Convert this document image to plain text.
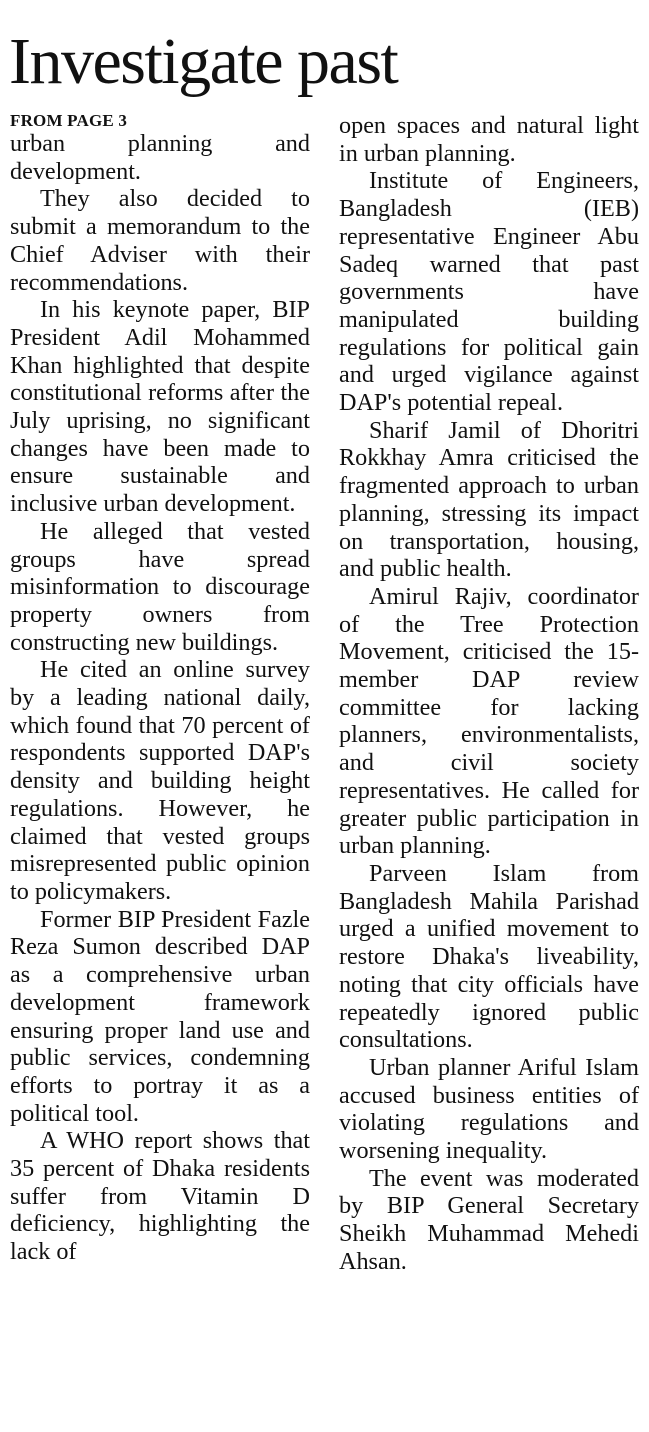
Investigate past
FROM PAGE 3

urban planning and development.

They also decided to submit a memorandum to the Chief Adviser with their recommendations.

In his keynote paper, BIP President Adil Mohammed Khan highlighted that despite constitutional reforms after the July uprising, no significant changes have been made to ensure sustainable and inclusive urban development.

He alleged that vested groups have spread misinformation to discourage property owners from constructing new buildings.

He cited an online survey by a leading national daily, which found that 70 percent of respondents supported DAP's density and building height regulations. However, he claimed that vested groups misrepresented public opinion to policymakers.

Former BIP President Fazle Reza Sumon described DAP as a comprehensive urban development framework ensuring proper land use and public services, condemning efforts to portray it as a political tool.

A WHO report shows that 35 percent of Dhaka residents suffer from Vitamin D deficiency, highlighting the lack of

open spaces and natural light in urban planning.

Institute of Engineers, Bangladesh (IEB) representative Engineer Abu Sadeq warned that past governments have manipulated building regulations for political gain and urged vigilance against DAP's potential repeal.

Sharif Jamil of Dhoritri Rokkhay Amra criticised the fragmented approach to urban planning, stressing its impact on transportation, housing, and public health.

Amirul Rajiv, coordinator of the Tree Protection Movement, criticised the 15-member DAP review committee for lacking planners, environmentalists, and civil society representatives. He called for greater public participation in urban planning.

Parveen Islam from Bangladesh Mahila Parishad urged a unified movement to restore Dhaka's liveability, noting that city officials have repeatedly ignored public consultations.

Urban planner Ariful Islam accused business entities of violating regulations and worsening inequality.

The event was moderated by BIP General Secretary Sheikh Muhammad Mehedi Ahsan.
